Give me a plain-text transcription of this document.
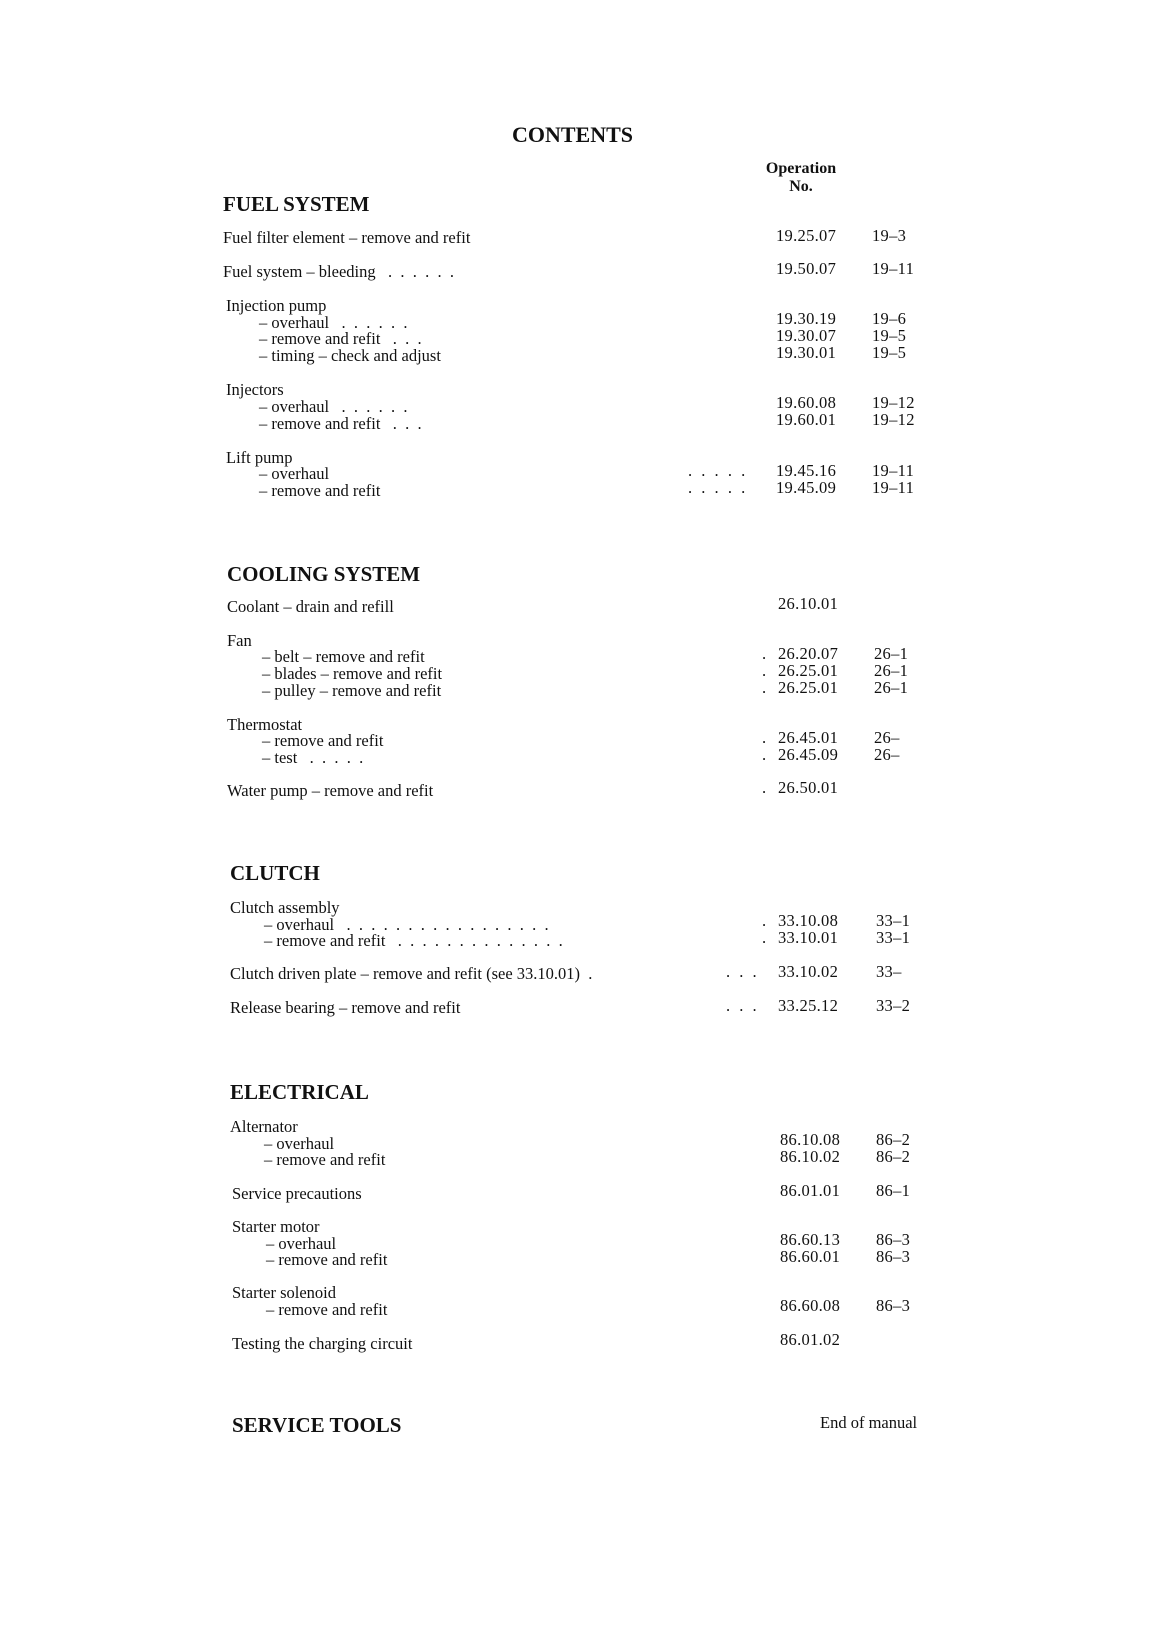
CONTENTS
Operation
No.
FUEL SYSTEM
Fuel filter element – remove and refit	19.25.07 19–3
Fuel system – bleeding   .  .  .  .  .  .	19.50.07 19–11
Injection pump
– overhaul   .  .  .  .  .  .	19.30.19 19–6
– remove and refit   .  .  .	19.30.07 19–5
– timing – check and adjust	19.30.01 19–5
Injectors
– overhaul   .  .  .  .  .  .	19.60.08 19–12
– remove and refit   .  .  .	19.60.01 19–12
Lift pump
– overhaul	.  .  .  .  . 19.45.16 19–11
– remove and refit	.  .  .  .  . 19.45.09 19–11
COOLING SYSTEM
Coolant – drain and refill	26.10.01
Fan
– belt – remove and refit	. 26.20.07 26–1
– blades – remove and refit	. 26.25.01 26–1
– pulley – remove and refit	. 26.25.01 26–1
Thermostat
– remove and refit	. 26.45.01 26–
– test   .  .  .  .  .	. 26.45.09 26–
Water pump – remove and refit	. 26.50.01
CLUTCH
Clutch assembly
– overhaul   .  .  .  .  .  .  .  .  .  .  .  .  .  .  .  .  .	. 33.10.08 33–1
– remove and refit   .  .  .  .  .  .  .  .  .  .  .  .  .  .	. 33.10.01 33–1
Clutch driven plate – remove and refit (see 33.10.01)  .	.  .  . 33.10.02 33–
Release bearing – remove and refit	.  .  . 33.25.12 33–2
ELECTRICAL
Alternator
– overhaul	86.10.08 86–2
– remove and refit	86.10.02 86–2
Service precautions	86.01.01 86–1
Starter motor
– overhaul	86.60.13 86–3
– remove and refit	86.60.01 86–3
Starter solenoid
– remove and refit	86.60.08 86–3
Testing the charging circuit	86.01.02
SERVICE TOOLS	End of manual
